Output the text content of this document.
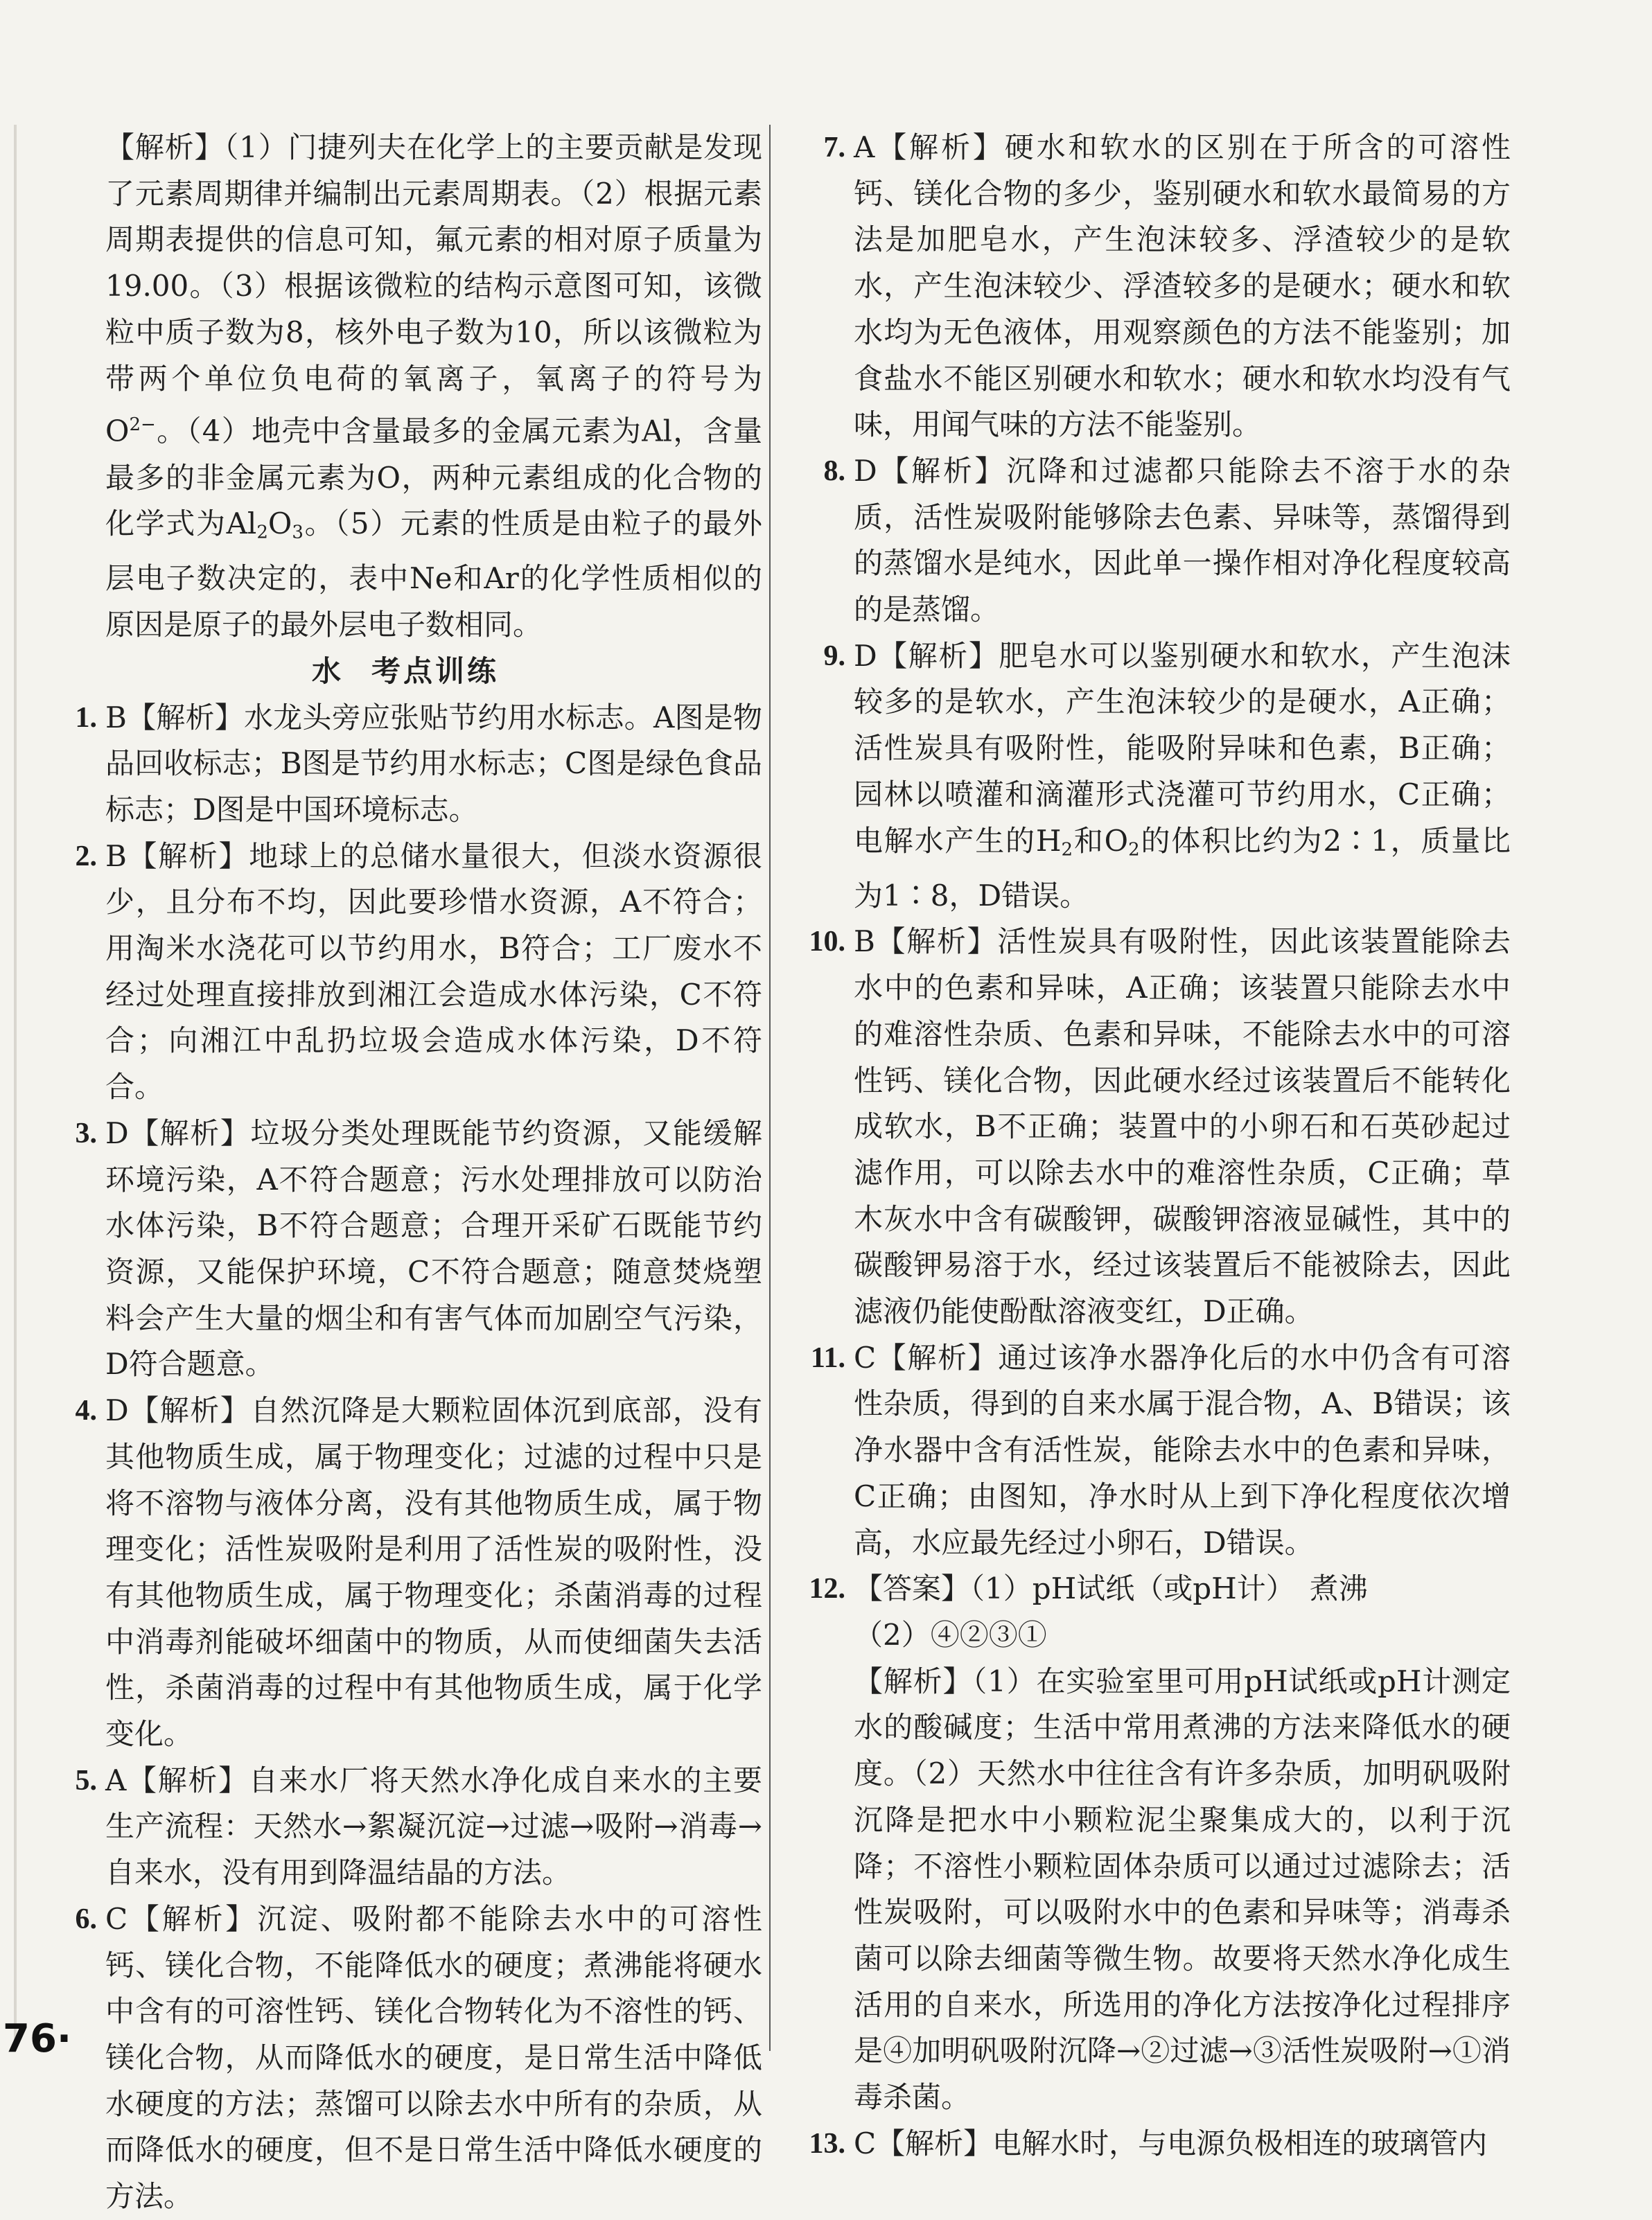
【解析】（1）门捷列夫在化学上的主要贡献是发现了元素周期律并编制出元素周期表。（2）根据元素周期表提供的信息可知，氟元素的相对原子质量为19.00。（3）根据该微粒的结构示意图可知，该微粒中质子数为8，核外电子数为10，所以该微粒为带两个单位负电荷的氧离子，氧离子的符号为$O^{2-}$。（4）地壳中含量最多的金属元素为Al，含量最多的非金属元素为O，两种元素组成的化合物的化学式为$Al_2O_3$。（5）元素的性质是由粒子的最外层电子数决定的，表中Ne和Ar的化学性质相似的原因是原子的最外层电子数相同。
水 考点训练
1. B【解析】水龙头旁应张贴节约用水标志。A图是物品回收标志；B图是节约用水标志；C图是绿色食品标志；D图是中国环境标志。
2. B【解析】地球上的总储水量很大，但淡水资源很少，且分布不均，因此要珍惜水资源，A不符合；用淘米水浇花可以节约用水，B符合；工厂废水不经过处理直接排放到湘江会造成水体污染，C不符合；向湘江中乱扔垃圾会造成水体污染，D不符合。
3. D【解析】垃圾分类处理既能节约资源，又能缓解环境污染，A不符合题意；污水处理排放可以防治水体污染，B不符合题意；合理开采矿石既能节约资源，又能保护环境，C不符合题意；随意焚烧塑料会产生大量的烟尘和有害气体而加剧空气污染，D符合题意。
4. D【解析】自然沉降是大颗粒固体沉到底部，没有其他物质生成，属于物理变化；过滤的过程中只是将不溶物与液体分离，没有其他物质生成，属于物理变化；活性炭吸附是利用了活性炭的吸附性，没有其他物质生成，属于物理变化；杀菌消毒的过程中消毒剂能破坏细菌中的物质，从而使细菌失去活性，杀菌消毒的过程中有其他物质生成，属于化学变化。
5. A【解析】自来水厂将天然水净化成自来水的主要生产流程：天然水→絮凝沉淀→过滤→吸附→消毒→自来水，没有用到降温结晶的方法。
6. C【解析】沉淀、吸附都不能除去水中的可溶性钙、镁化合物，不能降低水的硬度；煮沸能将硬水中含有的可溶性钙、镁化合物转化为不溶性的钙、镁化合物，从而降低水的硬度，是日常生活中降低水硬度的方法；蒸馏可以除去水中所有的杂质，从而降低水的硬度，但不是日常生活中降低水硬度的方法。
7. A【解析】硬水和软水的区别在于所含的可溶性钙、镁化合物的多少，鉴别硬水和软水最简易的方法是加肥皂水，产生泡沫较多、浮渣较少的是软水，产生泡沫较少、浮渣较多的是硬水；硬水和软水均为无色液体，用观察颜色的方法不能鉴别；加食盐水不能区别硬水和软水；硬水和软水均没有气味，用闻气味的方法不能鉴别。
8. D【解析】沉降和过滤都只能除去不溶于水的杂质，活性炭吸附能够除去色素、异味等，蒸馏得到的蒸馏水是纯水，因此单一操作相对净化程度较高的是蒸馏。
9. D【解析】肥皂水可以鉴别硬水和软水，产生泡沫较多的是软水，产生泡沫较少的是硬水，A正确；活性炭具有吸附性，能吸附异味和色素，B正确；园林以喷灌和滴灌形式浇灌可节约用水，C正确；电解水产生的$H_2$和$O_2$的体积比约为2∶1，质量比为1∶8，D错误。
10. B【解析】活性炭具有吸附性，因此该装置能除去水中的色素和异味，A正确；该装置只能除去水中的难溶性杂质、色素和异味，不能除去水中的可溶性钙、镁化合物，因此硬水经过该装置后不能转化成软水，B不正确；装置中的小卵石和石英砂起过滤作用，可以除去水中的难溶性杂质，C正确；草木灰水中含有碳酸钾，碳酸钾溶液显碱性，其中的碳酸钾易溶于水，经过该装置后不能被除去，因此滤液仍能使酚酞溶液变红，D正确。
11. C【解析】通过该净水器净化后的水中仍含有可溶性杂质，得到的自来水属于混合物，A、B错误；该净水器中含有活性炭，能除去水中的色素和异味，C正确；由图知，净水时从上到下净化程度依次增高，水应最先经过小卵石，D错误。
12. 【答案】（1）pH试纸（或pH计）　煮沸
（2）④②③①
【解析】（1）在实验室里可用pH试纸或pH计测定水的酸碱度；生活中常用煮沸的方法来降低水的硬度。（2）天然水中往往含有许多杂质，加明矾吸附沉降是把水中小颗粒泥尘聚集成大的，以利于沉降；不溶性小颗粒固体杂质可以通过过滤除去；活性炭吸附，可以吸附水中的色素和异味等；消毒杀菌可以除去细菌等微生物。故要将天然水净化成生活用的自来水，所选用的净化方法按净化过程排序是④加明矾吸附沉降→②过滤→③活性炭吸附→①消毒杀菌。
13. C【解析】电解水时，与电源负极相连的玻璃管内
76·
